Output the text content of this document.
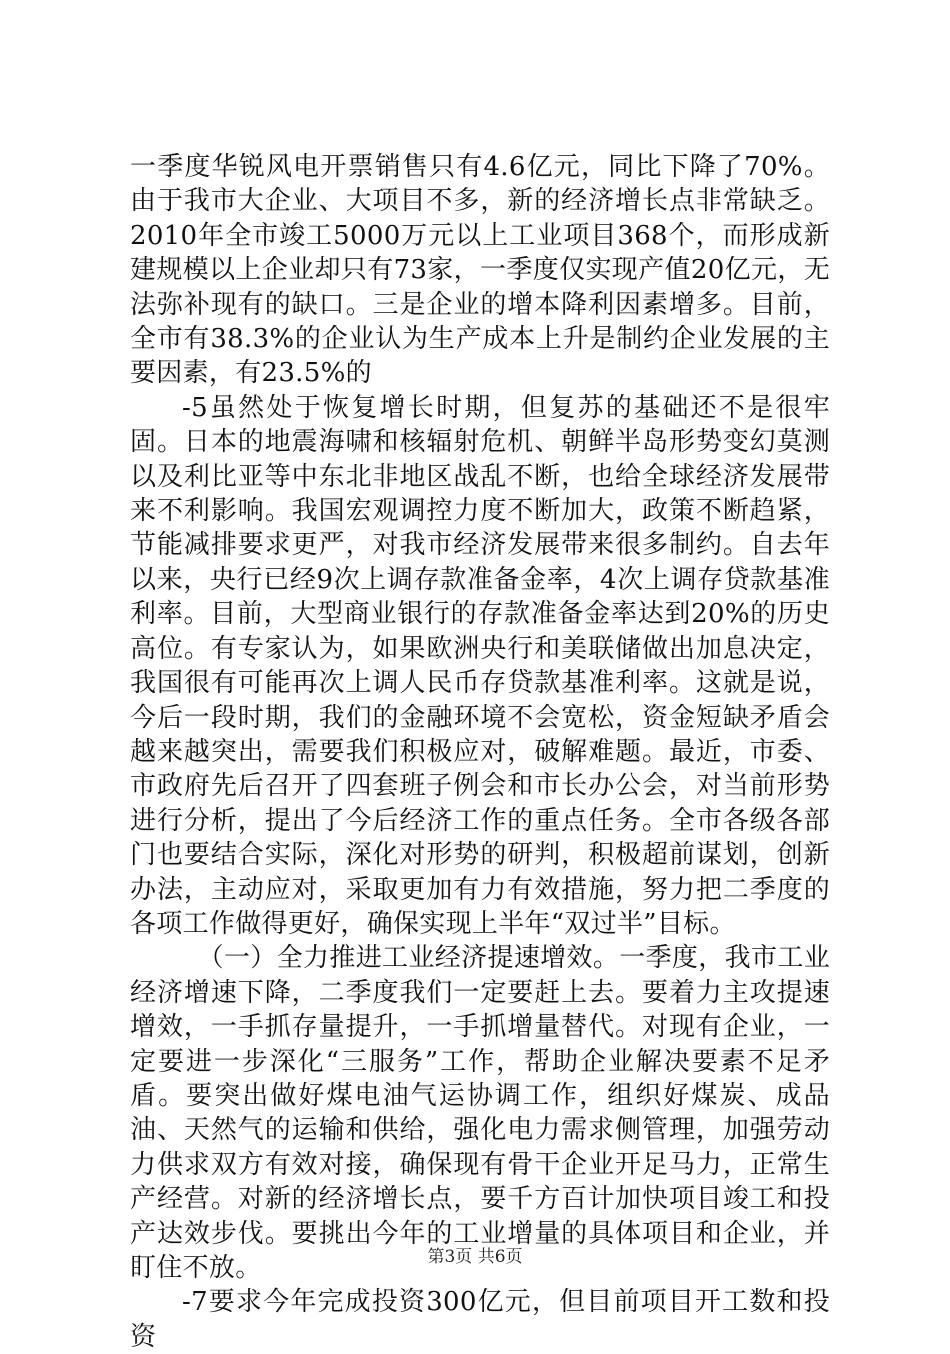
一季度华锐风电开票销售只有4.6亿元，同比下降了70%。由于我市大企业、大项目不多，新的经济增长点非常缺乏。2010年全市竣工5000万元以上工业项目368个，而形成新建规模以上企业却只有73家，一季度仅实现产值20亿元，无法弥补现有的缺口。三是企业的增本降利因素增多。目前，全市有38.3%的企业认为生产成本上升是制约企业发展的主要因素，有23.5%的

-5虽然处于恢复增长时期，但复苏的基础还不是很牢固。日本的地震海啸和核辐射危机、朝鲜半岛形势变幻莫测以及利比亚等中东北非地区战乱不断，也给全球经济发展带来不利影响。我国宏观调控力度不断加大，政策不断趋紧，节能减排要求更严，对我市经济发展带来很多制约。自去年以来，央行已经9次上调存款准备金率，4次上调存贷款基准利率。目前，大型商业银行的存款准备金率达到20%的历史高位。有专家认为，如果欧洲央行和美联储做出加息决定，我国很有可能再次上调人民币存贷款基准利率。这就是说，今后一段时期，我们的金融环境不会宽松，资金短缺矛盾会越来越突出，需要我们积极应对，破解难题。最近，市委、市政府先后召开了四套班子例会和市长办公会，对当前形势进行分析，提出了今后经济工作的重点任务。全市各级各部门也要结合实际，深化对形势的研判，积极超前谋划，创新办法，主动应对，采取更加有力有效措施，努力把二季度的各项工作做得更好，确保实现上半年“双过半”目标。

（一）全力推进工业经济提速增效。一季度，我市工业经济增速下降，二季度我们一定要赶上去。要着力主攻提速增效，一手抓存量提升，一手抓增量替代。对现有企业，一定要进一步深化“三服务”工作，帮助企业解决要素不足矛盾。要突出做好煤电油气运协调工作，组织好煤炭、成品油、天然气的运输和供给，强化电力需求侧管理，加强劳动力供求双方有效对接，确保现有骨干企业开足马力，正常生产经营。对新的经济增长点，要千方百计加快项目竣工和投产达效步伐。要挑出今年的工业增量的具体项目和企业，并盯住不放。

-7要求今年完成投资300亿元，但目前项目开工数和投资

第3页 共6页
